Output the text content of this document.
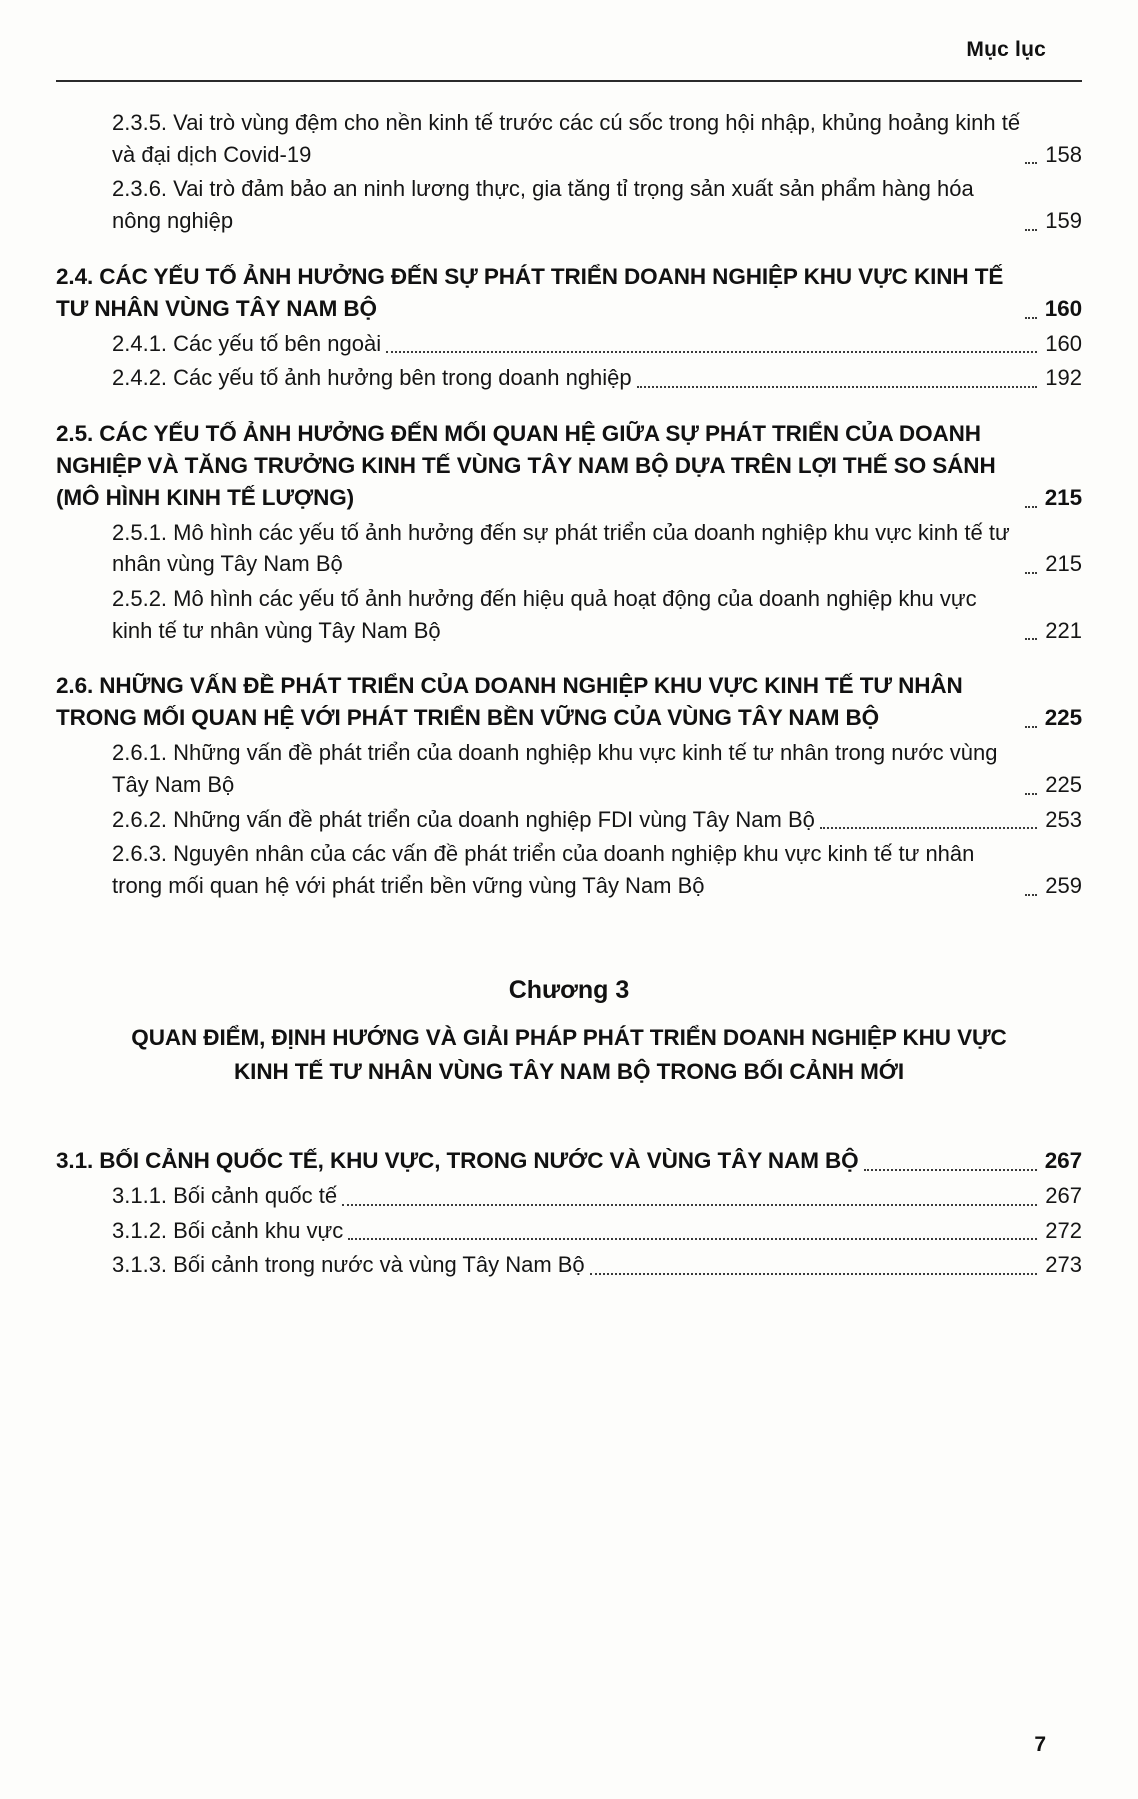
Mục lục
2.3.5. Vai trò vùng đệm cho nền kinh tế trước các cú sốc trong hội nhập, khủng hoảng kinh tế và đại dịch Covid-19	158
2.3.6. Vai trò đảm bảo an ninh lương thực, gia tăng tỉ trọng sản xuất sản phẩm hàng hóa nông nghiệp	159
2.4. CÁC YẾU TỐ ẢNH HƯỞNG ĐẾN SỰ PHÁT TRIỂN DOANH NGHIỆP KHU VỰC KINH TẾ TƯ NHÂN VÙNG TÂY NAM BỘ	160
2.4.1. Các yếu tố bên ngoài	160
2.4.2. Các yếu tố ảnh hưởng bên trong doanh nghiệp	192
2.5. CÁC YẾU TỐ ẢNH HƯỞNG ĐẾN MỐI QUAN HỆ GIỮA SỰ PHÁT TRIỂN CỦA DOANH NGHIỆP VÀ TĂNG TRƯỞNG KINH TẾ VÙNG TÂY NAM BỘ DỰA TRÊN LỢI THẾ SO SÁNH (MÔ HÌNH KINH TẾ LƯỢNG)	215
2.5.1. Mô hình các yếu tố ảnh hưởng đến sự phát triển của doanh nghiệp khu vực kinh tế tư nhân vùng Tây Nam Bộ	215
2.5.2. Mô hình các yếu tố ảnh hưởng đến hiệu quả hoạt động của doanh nghiệp khu vực kinh tế tư nhân vùng Tây Nam Bộ	221
2.6. NHỮNG VẤN ĐỀ PHÁT TRIỂN CỦA DOANH NGHIỆP KHU VỰC KINH TẾ TƯ NHÂN TRONG MỐI QUAN HỆ VỚI PHÁT TRIỂN BỀN VỮNG CỦA VÙNG TÂY NAM BỘ	225
2.6.1. Những vấn đề phát triển của doanh nghiệp khu vực kinh tế tư nhân trong nước vùng Tây Nam Bộ	225
2.6.2. Những vấn đề phát triển của doanh nghiệp FDI vùng Tây Nam Bộ	253
2.6.3. Nguyên nhân của các vấn đề phát triển của doanh nghiệp khu vực kinh tế tư nhân trong mối quan hệ với phát triển bền vững vùng Tây Nam Bộ	259
Chương 3
QUAN ĐIỂM, ĐỊNH HƯỚNG VÀ GIẢI PHÁP PHÁT TRIỂN DOANH NGHIỆP KHU VỰC KINH TẾ TƯ NHÂN VÙNG TÂY NAM BỘ TRONG BỐI CẢNH MỚI
3.1. BỐI CẢNH QUỐC TẾ, KHU VỰC, TRONG NƯỚC VÀ VÙNG TÂY NAM BỘ	267
3.1.1. Bối cảnh quốc tế	267
3.1.2. Bối cảnh khu vực	272
3.1.3. Bối cảnh trong nước và vùng Tây Nam Bộ	273
7
